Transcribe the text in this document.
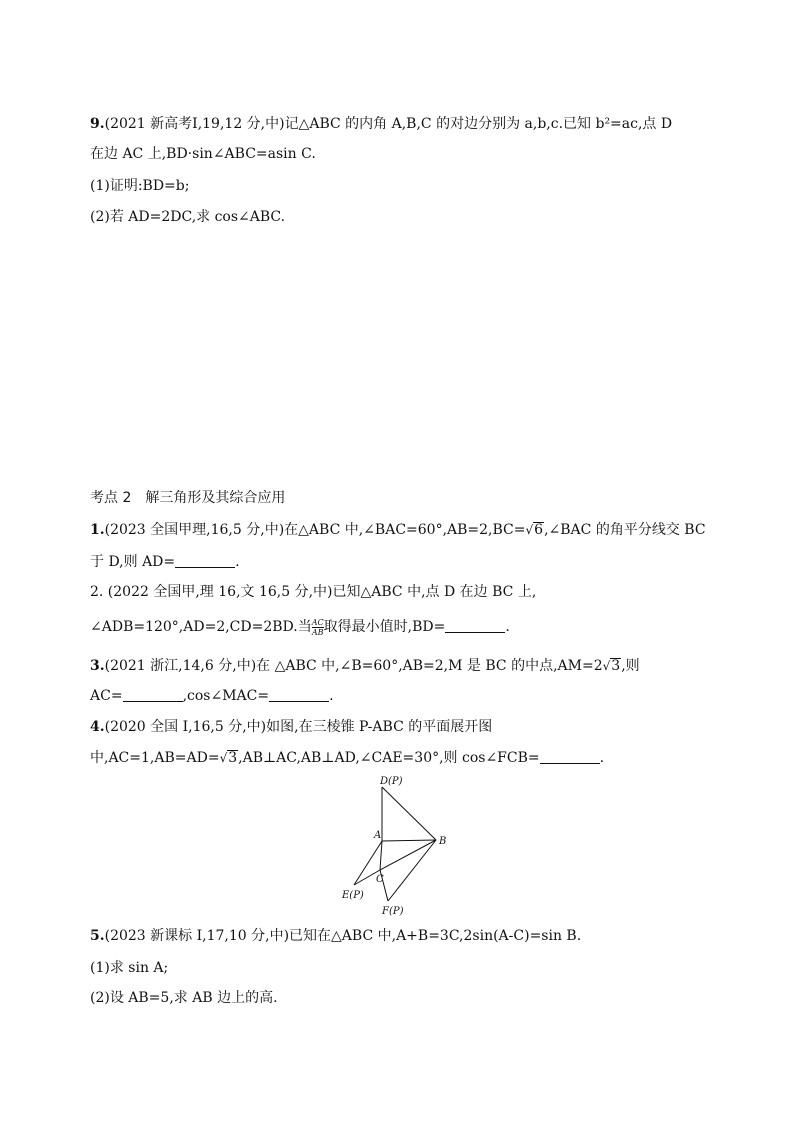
9.(2021 新高考Ⅰ,19,12 分,中)记△ABC 的内角 A,B,C 的对边分别为 a,b,c.已知 b²=ac,点 D
在边 AC 上,BD·sin∠ABC=asin C.
(1)证明:BD=b;
(2)若 AD=2DC,求 cos∠ABC.
考点 2　解三角形及其综合应用
1.(2023 全国甲理,16,5 分,中)在△ABC 中,∠BAC=60°,AB=2,BC=√6,∠BAC 的角平分线交 BC
于 D,则 AD=	.
2. (2022 全国甲,理 16,文 16,5 分,中)已知△ABC 中,点 D 在边 BC 上,
∠ADB=120°,AD=2,CD=2BD.当 $\frac{AC}{AB}$ 取得最小值时,BD=	.
3.(2021 浙江,14,6 分,中)在 △ABC 中,∠B=60°,AB=2,M 是 BC 的中点,AM=2√3,则
AC=	,cos∠MAC=	.
4.(2020 全国 Ⅰ,16,5 分,中)如图,在三棱锥 P-ABC 的平面展开图
中,AC=1,AB=AD=√3,AB⊥AC,AB⊥AD,∠CAE=30°,则 cos∠FCB=	.
D(P)
A
B
C
E(P)
F(P)
5.(2023 新课标 Ⅰ,17,10 分,中)已知在△ABC 中,A+B=3C,2sin(A-C)=sin B.
(1)求 sin A;
(2)设 AB=5,求 AB 边上的高.
